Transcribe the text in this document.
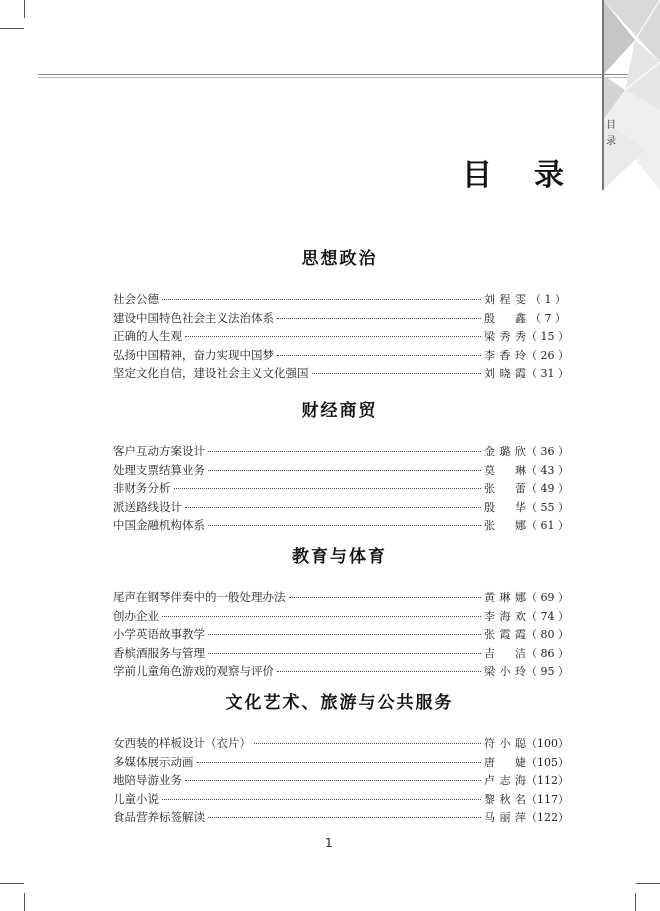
目
录
目录
思想政治
社会公德	刘程雯 （ 1 ）
建设中国特色社会主义法治体系	殷　鑫 （ 7 ）
正确的人生观	梁秀秀 （ 15 ）
弘扬中国精神，奋力实现中国梦	李香玲 （ 26 ）
坚定文化自信，建设社会主义文化强国	刘晓霞 （ 31 ）
财经商贸
客户互动方案设计	金璐欣 （ 36 ）
处理支票结算业务	莫　琳 （ 43 ）
非财务分析	张　蕾 （ 49 ）
派送路线设计	殷　华 （ 55 ）
中国金融机构体系	张　娜 （ 61 ）
教育与体育
尾声在钢琴伴奏中的一般处理办法	黄琳娜 （ 69 ）
创办企业	李海欢 （ 74 ）
小学英语故事教学	张霞霞 （ 80 ）
香槟酒服务与管理	吉　洁 （ 86 ）
学前儿童角色游戏的观察与评价	梁小玲 （ 95 ）
文化艺术、旅游与公共服务
女西装的样板设计（衣片）	符小聪 （100）
多媒体展示动画	唐　婕 （105）
地陪导游业务	卢志海 （112）
儿童小说	黎秋名 （117）
食品营养标签解读	马丽萍 （122）
1
